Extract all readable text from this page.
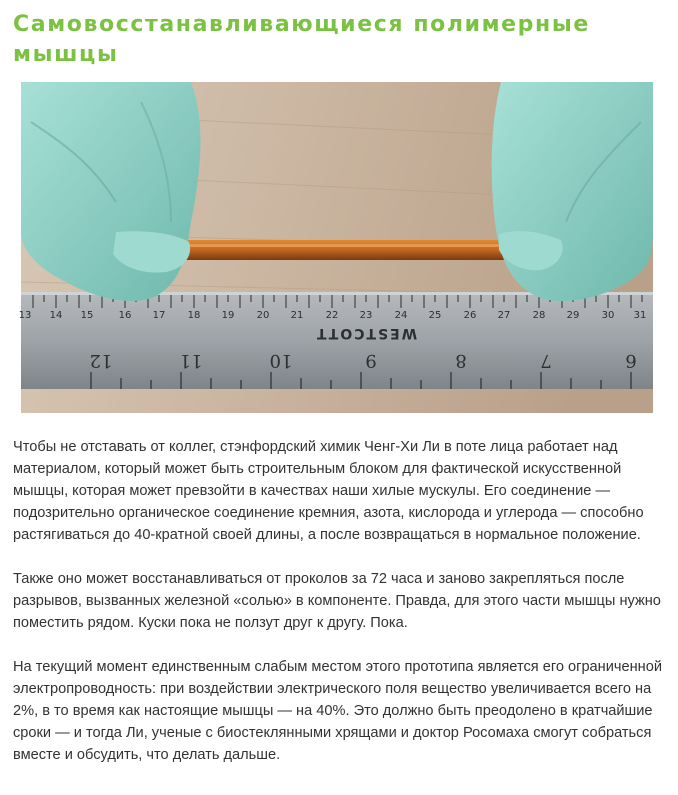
Самовосстанавливающиеся полимерные мышцы
13 14 15	16 17 18 19 20 21 22 23 24 25 26 27 28 29 30 31
WESTCOTT
12	11	10	9	8	7	6

Чтобы не отставать от коллег, стэнфордский химик Ченг-Хи Ли в поте лица работает над материалом, который может быть строительным блоком для фактической искусственной мышцы, которая может превзойти в качествах наши хилые мускулы. Его соединение — подозрительно органическое соединение кремния, азота, кислорода и углерода — способно растягиваться до 40-кратной своей длины, а после возвращаться в нормальное положение.

Также оно может восстанавливаться от проколов за 72 часа и заново закрепляться после разрывов, вызванных железной «солью» в компоненте. Правда, для этого части мышцы нужно поместить рядом. Куски пока не ползут друг к другу. Пока.

На текущий момент единственным слабым местом этого прототипа является его ограниченной электропроводность: при воздействии электрического поля вещество увеличивается всего на 2%, в то время как настоящие мышцы — на 40%. Это должно быть преодолено в кратчайшие сроки — и тогда Ли, ученые с биостеклянными хрящами и доктор Росомаха смогут собраться вместе и обсудить, что делать дальше.
